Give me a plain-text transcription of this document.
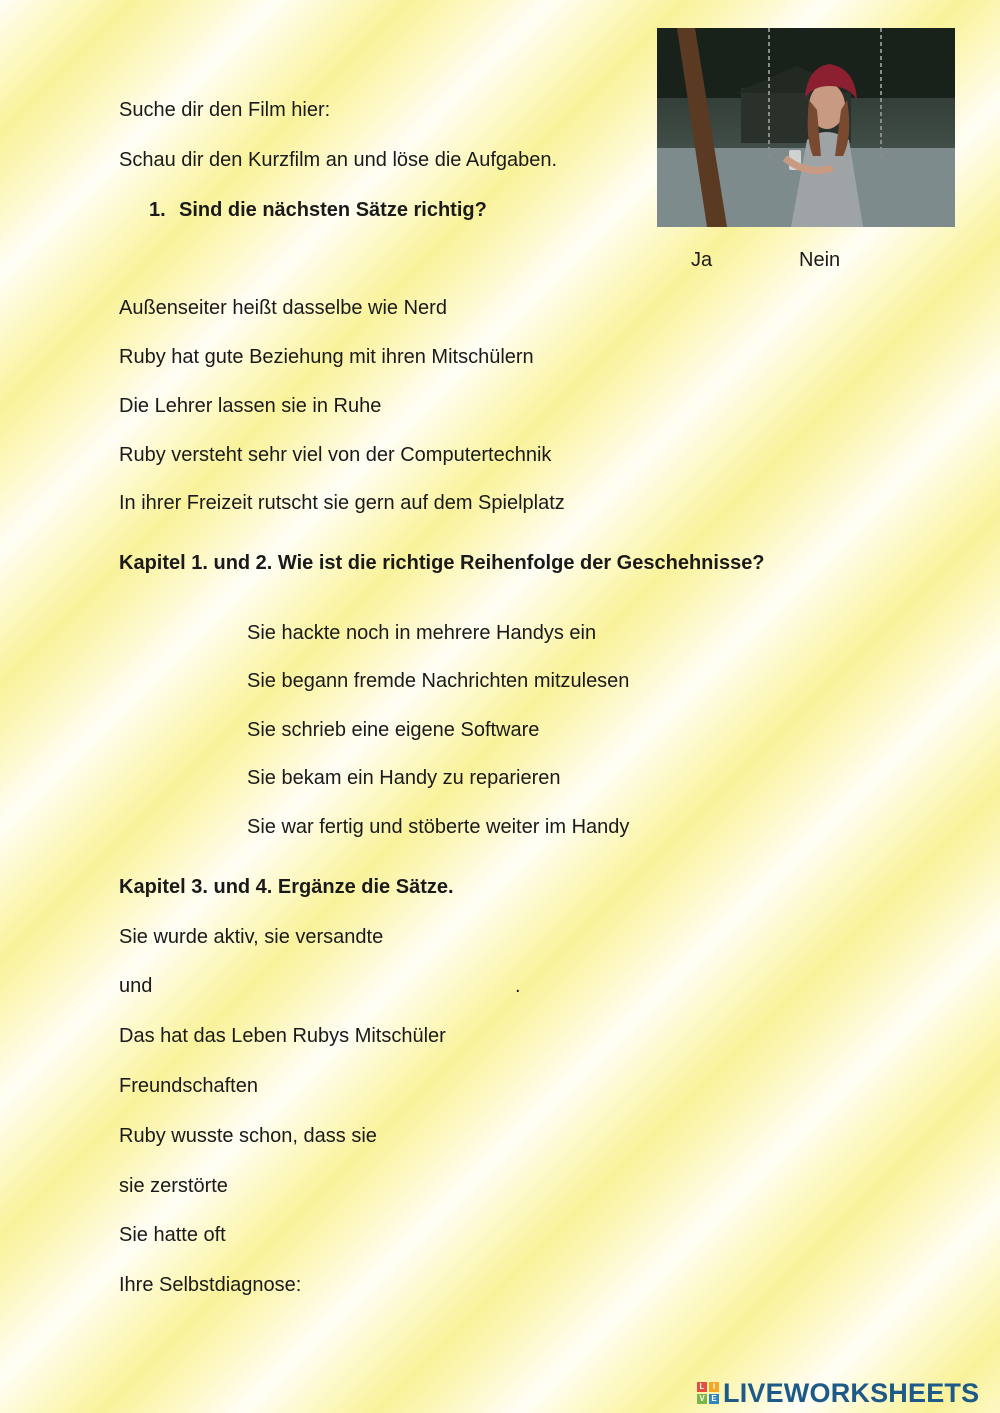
Suche dir den Film hier:
Schau dir den Kurzfilm an und löse die Aufgaben.
1. Sind die nächsten Sätze richtig?
Ja	Nein
Außenseiter heißt dasselbe wie Nerd
Ruby hat gute Beziehung mit ihren Mitschülern
Die Lehrer lassen sie in Ruhe
Ruby versteht sehr viel von der Computertechnik
In ihrer Freizeit rutscht sie gern auf dem Spielplatz
Kapitel 1. und 2. Wie ist die richtige Reihenfolge der Geschehnisse?
Sie hackte noch in mehrere Handys ein
Sie begann fremde Nachrichten mitzulesen
Sie schrieb eine eigene Software
Sie bekam ein Handy zu reparieren
Sie war fertig und stöberte weiter im Handy
Kapitel 3. und 4. Ergänze die Sätze.
Sie wurde aktiv, sie versandte
und	.
Das hat das Leben Rubys Mitschüler
Freundschaften
Ruby wusste schon, dass sie
sie zerstörte
Sie hatte oft
Ihre Selbstdiagnose:
L	I
V E LIVEWORKSHEETS
